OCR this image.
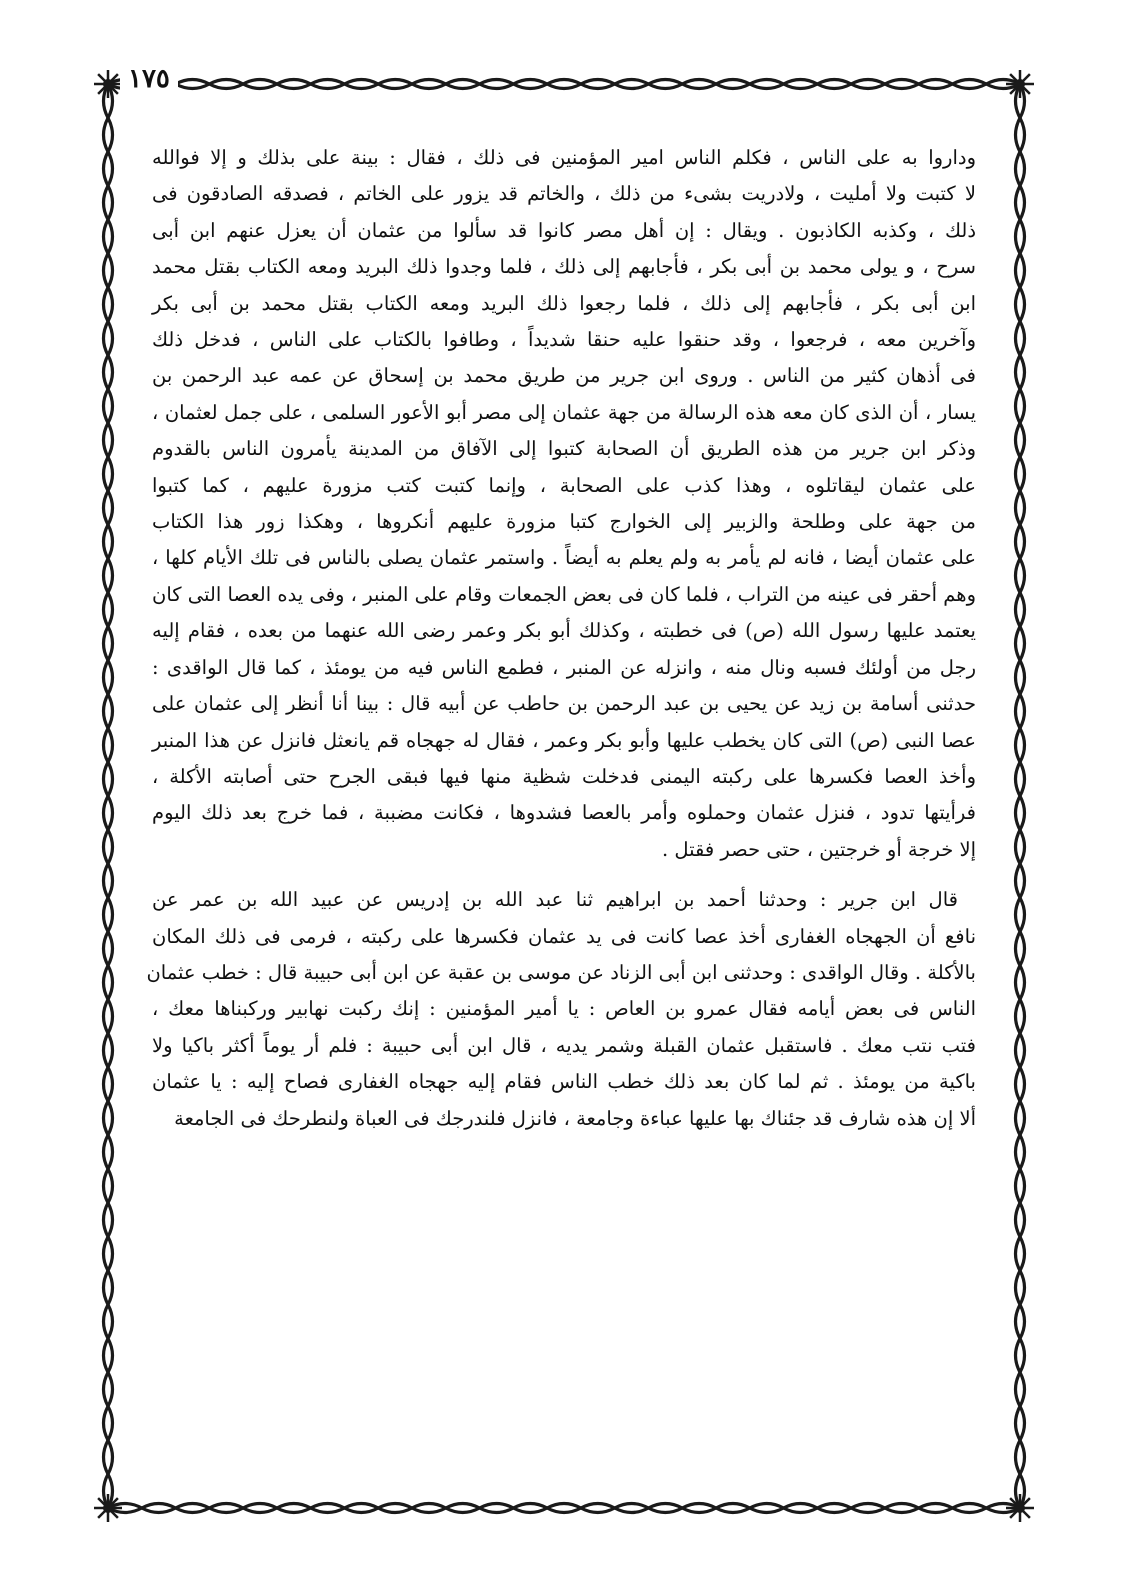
١٧٥
وداروا به على الناس ، فكلم الناس امير المؤمنين فى ذلك ، فقال : بينة على بذلك و إلا فوالله
لا كتبت ولا أمليت ، ولادريت بشىء من ذلك ، والخاتم قد يزور على الخاتم ، فصدقه الصادقون فى
ذلك ، وكذبه الكاذبون . ويقال : إن أهل مصر كانوا قد سألوا من عثمان أن يعزل عنهم ابن أبى
سرح ، و يولى محمد بن أبى بكر ، فأجابهم إلى ذلك ، فلما وجدوا ذلك البريد ومعه الكتاب بقتل محمد
ابن أبى بكر ، فأجابهم إلى ذلك ، فلما رجعوا ذلك البريد ومعه الكتاب بقتل محمد بن أبى بكر
وآخرين معه ، فرجعوا ، وقد حنقوا عليه حنقا شديداً ، وطافوا بالكتاب على الناس ، فدخل ذلك
فى أذهان كثير من الناس . وروى ابن جرير من طريق محمد بن إسحاق عن عمه عبد الرحمن بن
يسار ، أن الذى كان معه هذه الرسالة من جهة عثمان إلى مصر أبو الأعور السلمى ، على جمل لعثمان ،
وذكر ابن جرير من هذه الطريق أن الصحابة كتبوا إلى الآفاق من المدينة يأمرون الناس بالقدوم
على عثمان ليقاتلوه ، وهذا كذب على الصحابة ، وإنما كتبت كتب مزورة عليهم ، كما كتبوا
من جهة على وطلحة والزبير إلى الخوارج كتبا مزورة عليهم أنكروها ، وهكذا زور هذا الكتاب
على عثمان أيضا ، فانه لم يأمر به ولم يعلم به أيضاً . واستمر عثمان يصلى بالناس فى تلك الأيام كلها ،
وهم أحقر فى عينه من التراب ، فلما كان فى بعض الجمعات وقام على المنبر ، وفى يده العصا التى كان
يعتمد عليها رسول الله (ص) فى خطبته ، وكذلك أبو بكر وعمر رضى الله عنهما من بعده ، فقام إليه
رجل من أولئك فسبه ونال منه ، وانزله عن المنبر ، فطمع الناس فيه من يومئذ ، كما قال الواقدى :
حدثنى أسامة بن زيد عن يحيى بن عبد الرحمن بن حاطب عن أبيه قال : بينا أنا أنظر إلى عثمان على
عصا النبى (ص) التى كان يخطب عليها وأبو بكر وعمر ، فقال له جهجاه قم يانعثل فانزل عن هذا المنبر
وأخذ العصا فكسرها على ركبته اليمنى فدخلت شظية منها فيها فبقى الجرح حتى أصابته الأكلة ،
فرأيتها تدود ، فنزل عثمان وحملوه وأمر بالعصا فشدوها ، فكانت مضببة ، فما خرج بعد ذلك اليوم
إلا خرجة أو خرجتين ، حتى حصر فقتل .
قال ابن جرير : وحدثنا أحمد بن ابراهيم ثنا عبد الله بن إدريس عن عبيد الله بن عمر عن
نافع أن الجهجاه الغفارى أخذ عصا كانت فى يد عثمان فكسرها على ركبته ، فرمى فى ذلك المكان
بالأكلة . وقال الواقدى : وحدثنى ابن أبى الزناد عن موسى بن عقبة عن ابن أبى حبيبة قال : خطب عثمان
الناس فى بعض أيامه فقال عمرو بن العاص : يا أمير المؤمنين : إنك ركبت نهابير وركبناها معك ،
فتب نتب معك . فاستقبل عثمان القبلة وشمر يديه ، قال ابن أبى حبيبة : فلم أر يوماً أكثر باكيا ولا
باكية من يومئذ . ثم لما كان بعد ذلك خطب الناس فقام إليه جهجاه الغفارى فصاح إليه : يا عثمان
ألا إن هذه شارف قد جئناك بها عليها عباءة وجامعة ، فانزل فلندرجك فى العباة ولنطرحك فى الجامعة
